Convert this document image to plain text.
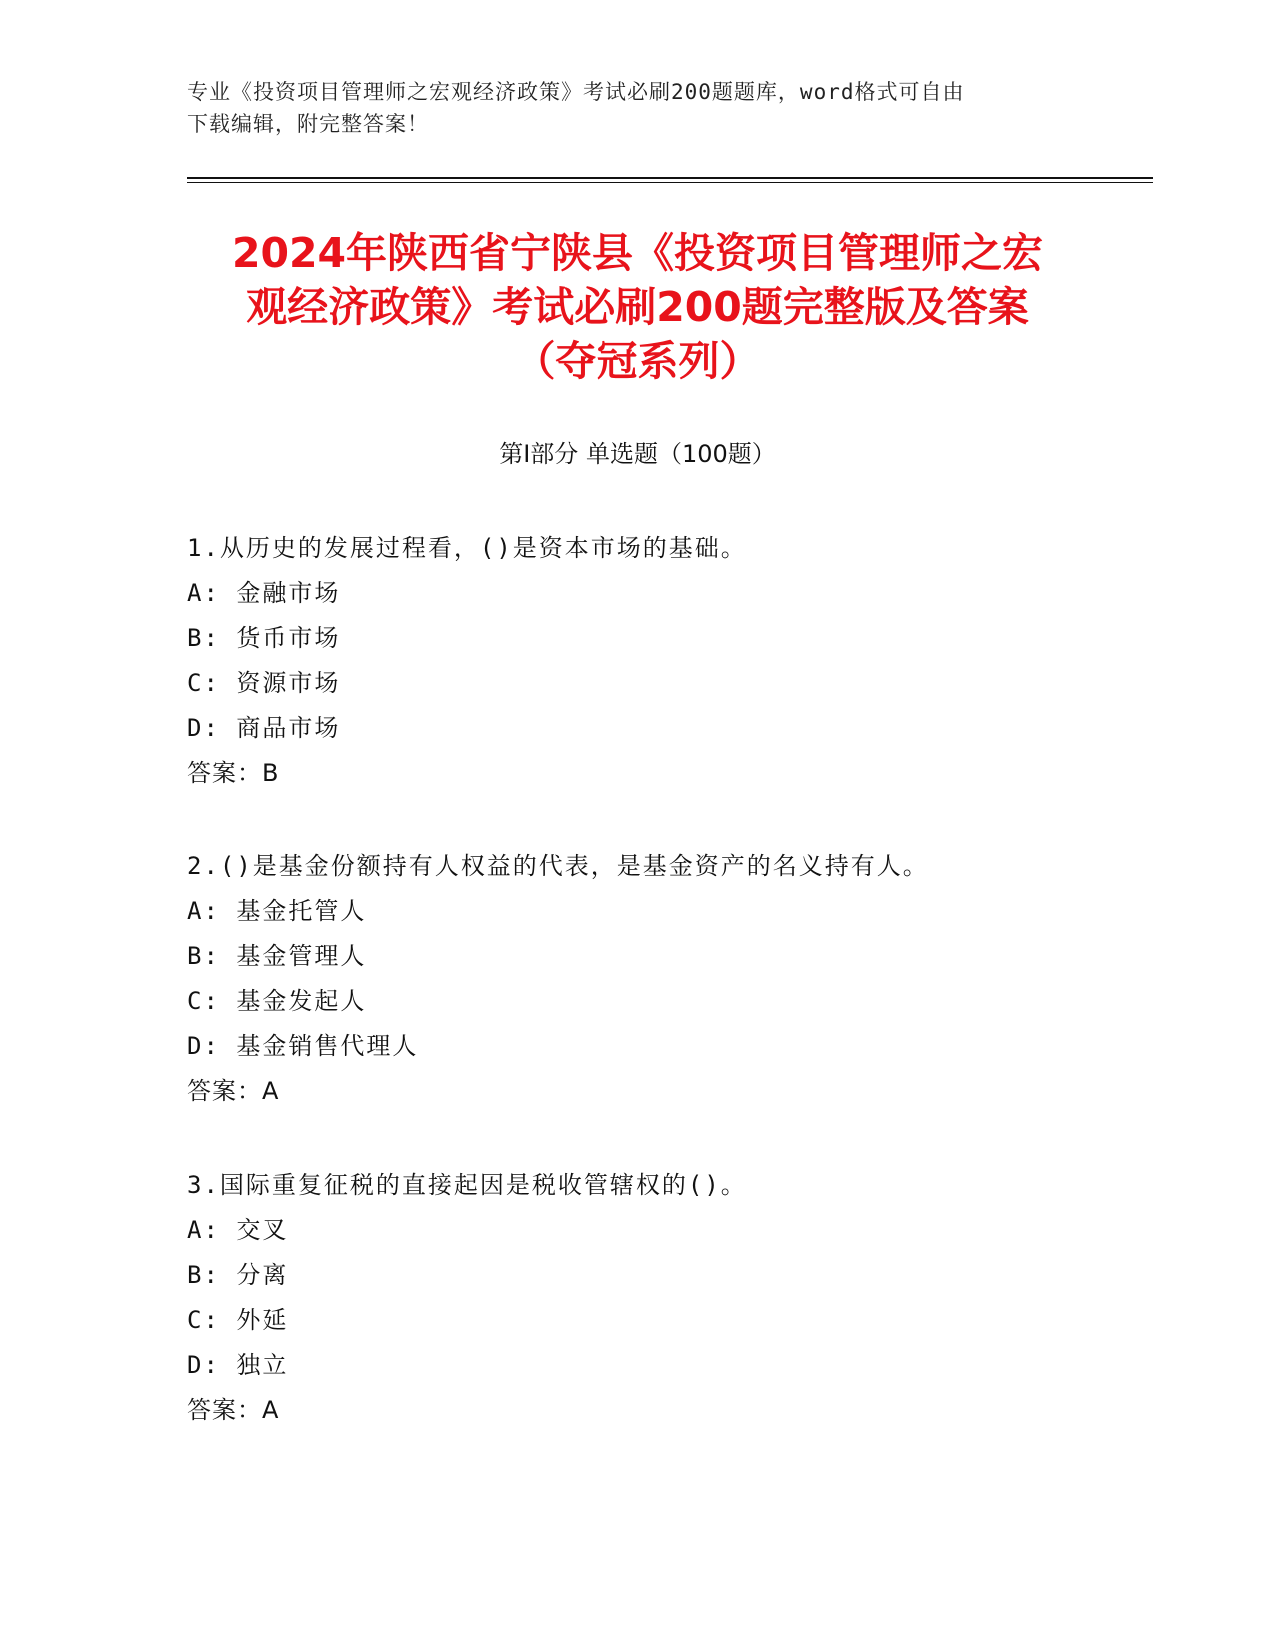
专业《投资项目管理师之宏观经济政策》考试必刷200题题库，word格式可自由
下载编辑，附完整答案！
2024年陕西省宁陕县《投资项目管理师之宏
观经济政策》考试必刷200题完整版及答案
（夺冠系列）
第I部分 单选题（100题）
1.从历史的发展过程看，()是资本市场的基础。
A: 金融市场
B: 货币市场
C: 资源市场
D: 商品市场
答案：B
2.()是基金份额持有人权益的代表，是基金资产的名义持有人。
A: 基金托管人
B: 基金管理人
C: 基金发起人
D: 基金销售代理人
答案：A
3.国际重复征税的直接起因是税收管辖权的()。
A: 交叉
B: 分离
C: 外延
D: 独立
答案：A
